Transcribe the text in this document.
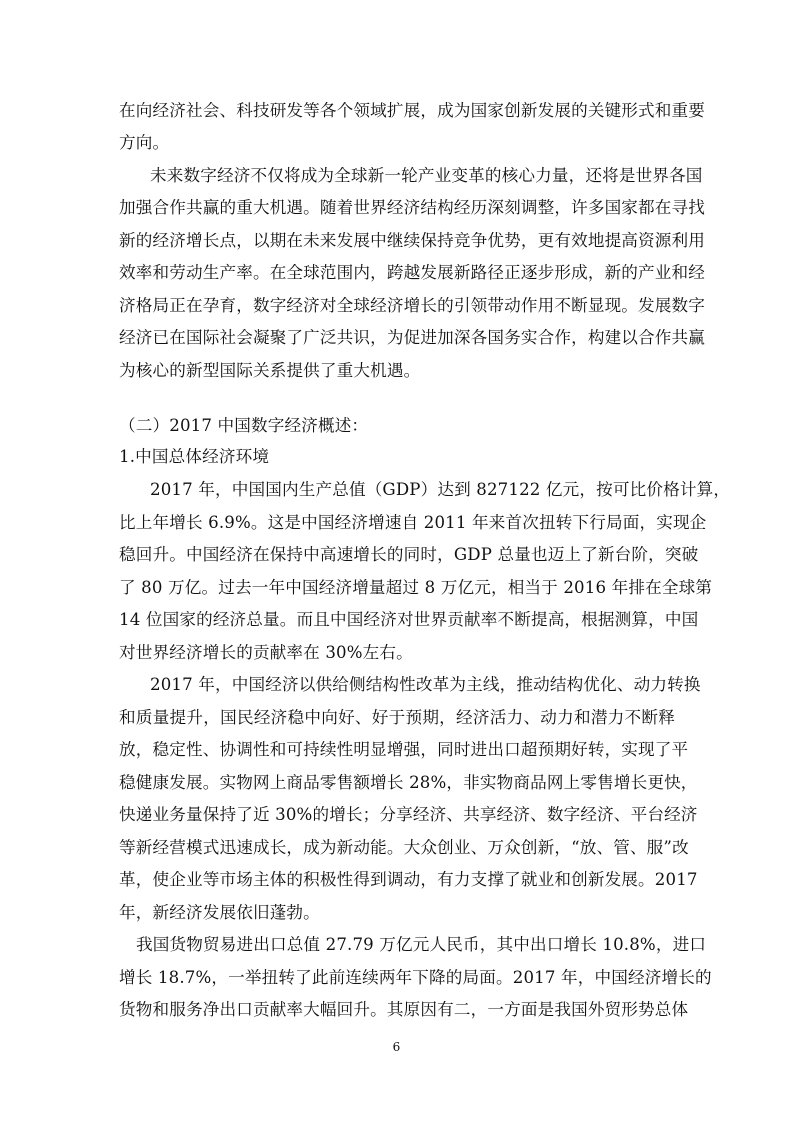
在向经济社会、科技研发等各个领域扩展，成为国家创新发展的关键形式和重要
方向。
未来数字经济不仅将成为全球新一轮产业变革的核心力量，还将是世界各国
加强合作共赢的重大机遇。随着世界经济结构经历深刻调整，许多国家都在寻找
新的经济增长点，以期在未来发展中继续保持竞争优势，更有效地提高资源利用
效率和劳动生产率。在全球范围内，跨越发展新路径正逐步形成，新的产业和经
济格局正在孕育，数字经济对全球经济增长的引领带动作用不断显现。发展数字
经济已在国际社会凝聚了广泛共识，为促进加深各国务实合作，构建以合作共赢
为核心的新型国际关系提供了重大机遇。
（二）2017 中国数字经济概述：
1.中国总体经济环境
2017 年，中国国内生产总值（GDP）达到 827122 亿元，按可比价格计算，
比上年增长 6.9%。这是中国经济增速自 2011 年来首次扭转下行局面，实现企
稳回升。中国经济在保持中高速增长的同时，GDP 总量也迈上了新台阶，突破
了 80 万亿。过去一年中国经济增量超过 8 万亿元，相当于 2016 年排在全球第
14 位国家的经济总量。而且中国经济对世界贡献率不断提高，根据测算，中国
对世界经济增长的贡献率在 30%左右。
2017 年，中国经济以供给侧结构性改革为主线，推动结构优化、动力转换
和质量提升，国民经济稳中向好、好于预期，经济活力、动力和潜力不断释
放，稳定性、协调性和可持续性明显增强，同时进出口超预期好转，实现了平
稳健康发展。实物网上商品零售额增长 28%，非实物商品网上零售增长更快，
快递业务量保持了近 30%的增长；分享经济、共享经济、数字经济、平台经济
等新经营模式迅速成长，成为新动能。大众创业、万众创新，“放、管、服”改
革，使企业等市场主体的积极性得到调动，有力支撑了就业和创新发展。2017
年，新经济发展依旧蓬勃。
我国货物贸易进出口总值 27.79 万亿元人民币，其中出口增长 10.8%，进口
增长 18.7%，一举扭转了此前连续两年下降的局面。2017 年，中国经济增长的
货物和服务净出口贡献率大幅回升。其原因有二，一方面是我国外贸形势总体
6
